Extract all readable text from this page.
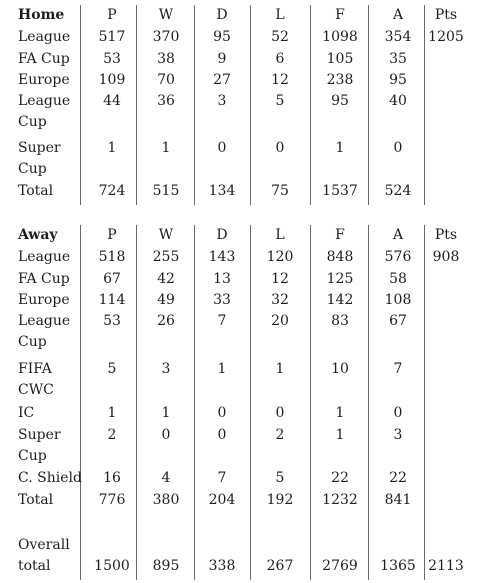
Home	P	W	D	L	F	A Pts
League 517 370 95	52 1098 354 1205
FA Cup 53	38	9	6	105	35
Europe 109 70	27	12	238	95
League
Cup
44	36	3	5	95	40
Super
Cup
1	1	0	0	1	0
Total	724 515 134	75 1537 524
Away	P	W	D	L	F	A Pts
League 518 255 143 120 848 576 908
FA Cup 67	42	13	12	125	58
Europe 114 49	33	32	142 108
League
Cup
53	26	7	20	83	67
FIFA
CWC
5	3	1	1	10	7
IC	1	1	0	0	1	0
Super
Cup
2	0	0	2	1	3
C. Shield 16	4	7	5	22	22
Total	776 380 204 192 1232 841
Overall
total	1500 895 338 267 2769 1365 2113
